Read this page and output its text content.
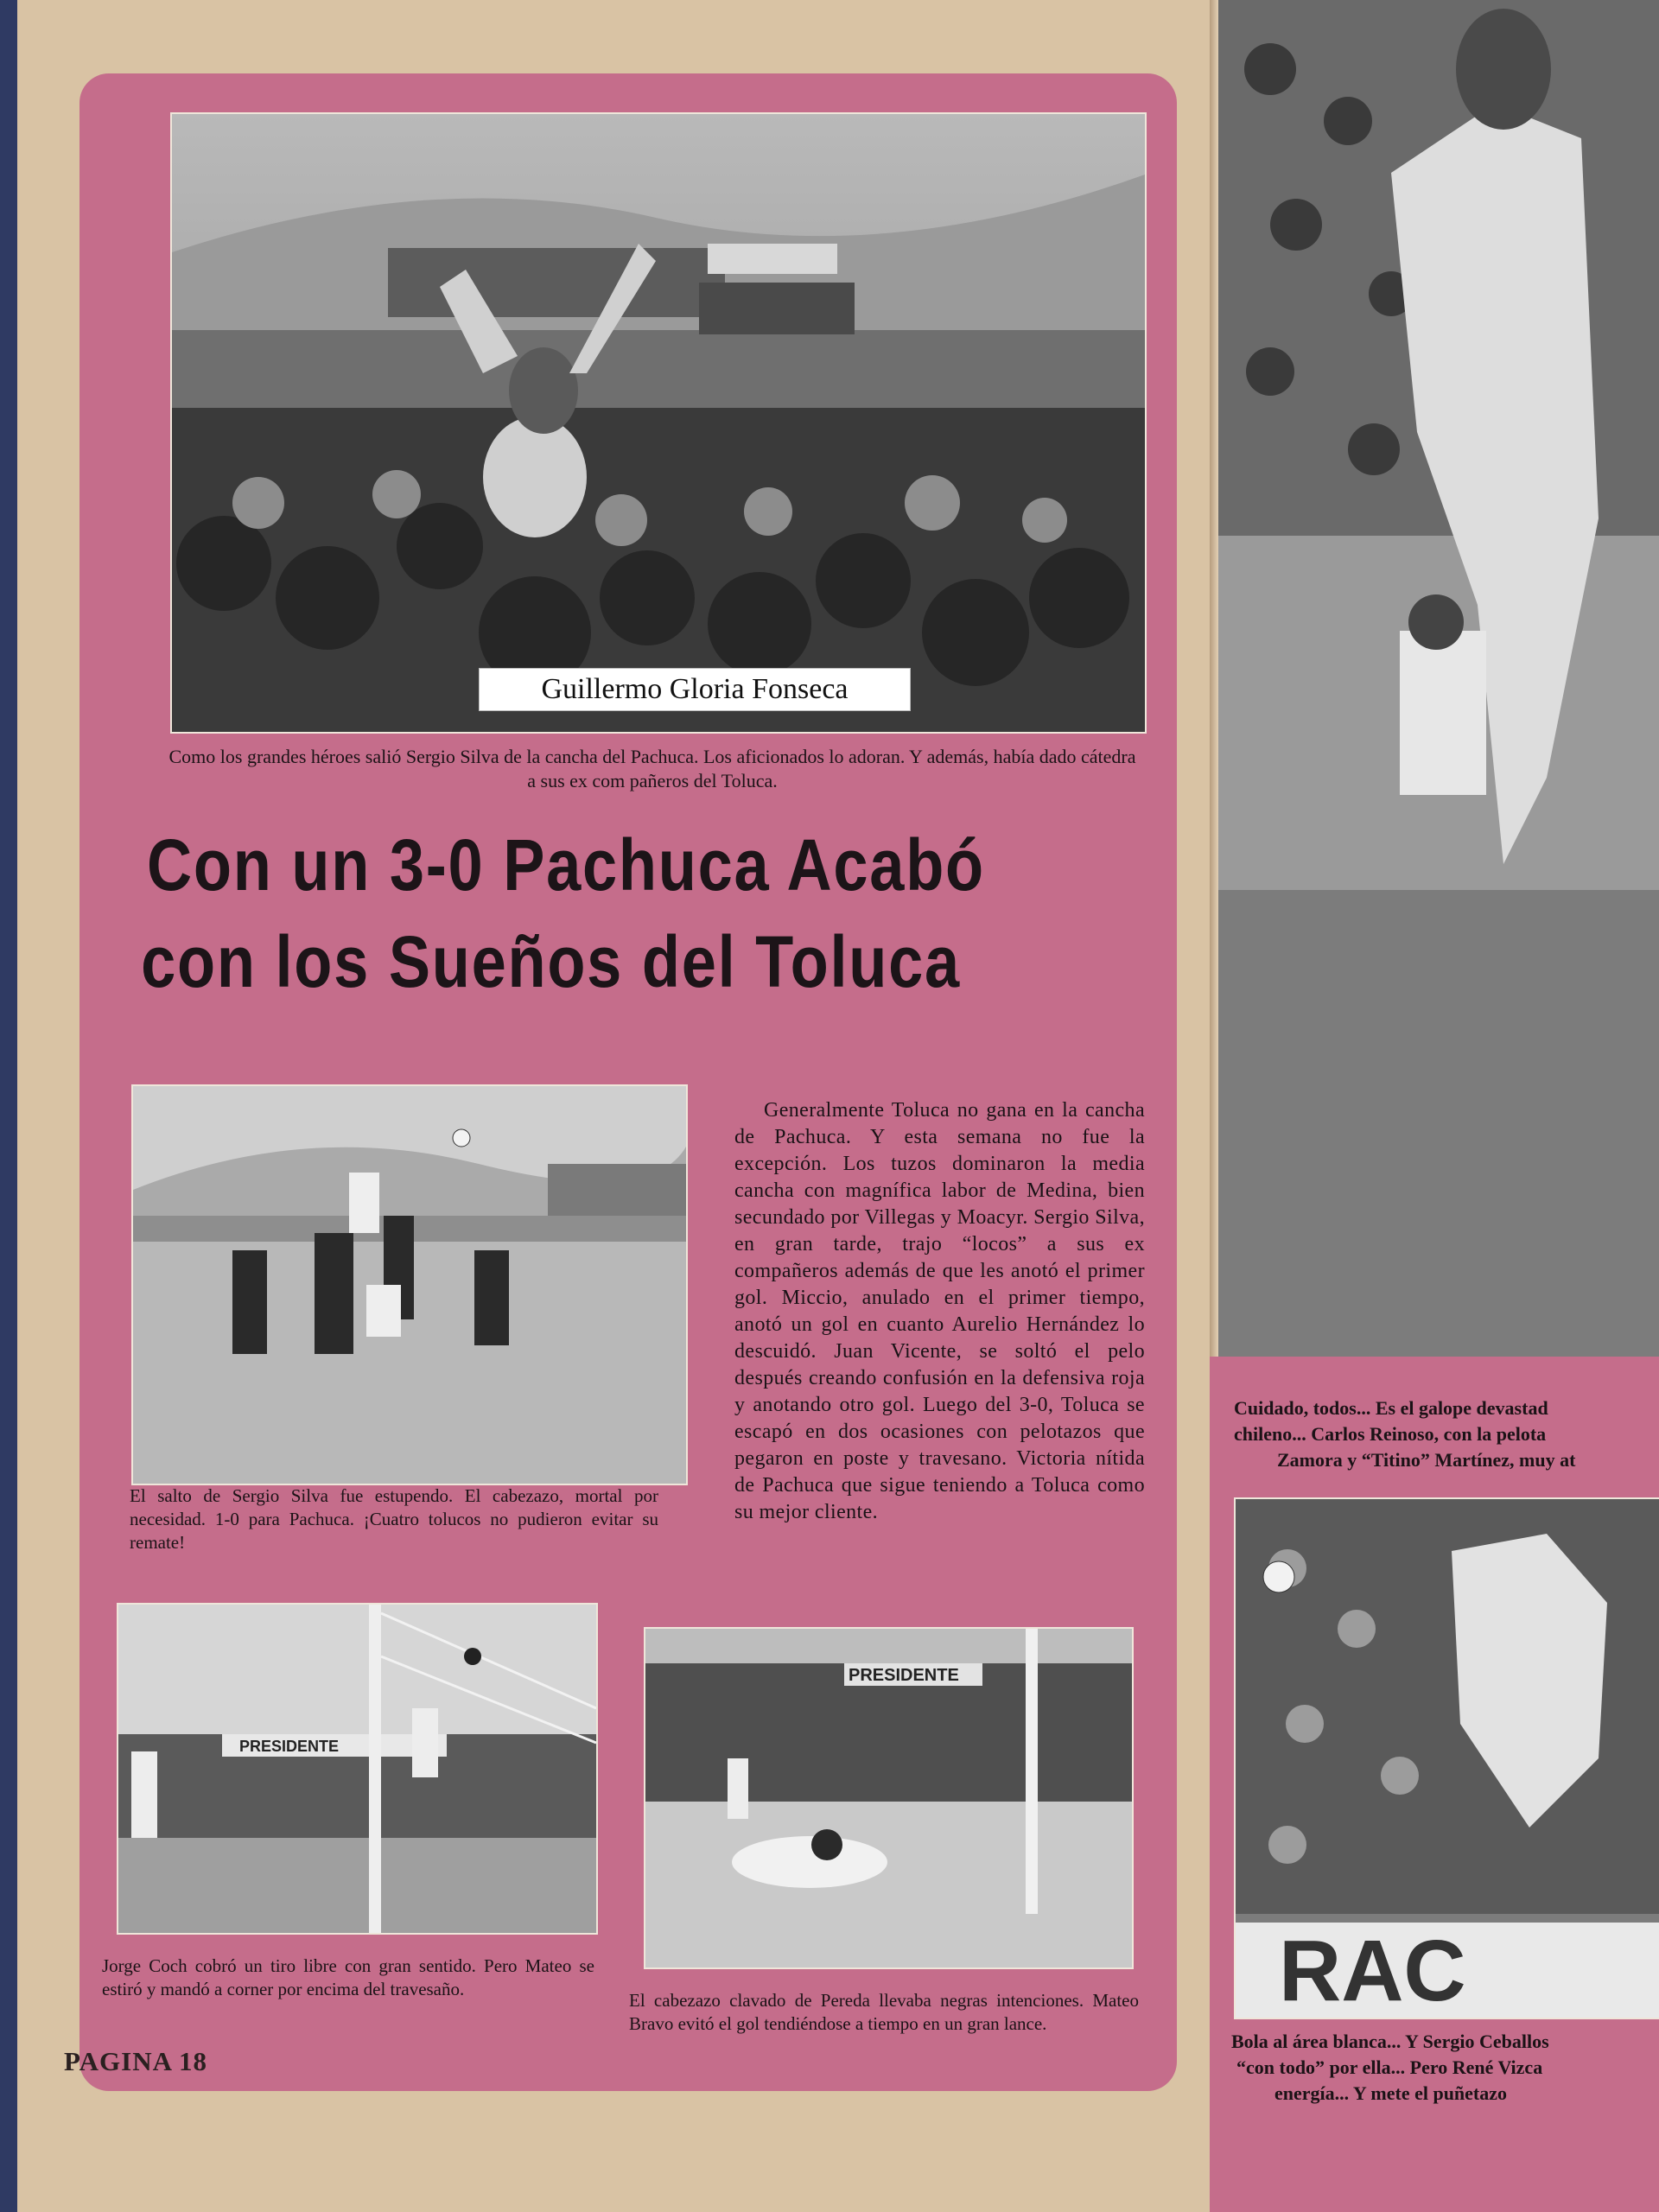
Guillermo Gloria Fonseca
Como los grandes héroes salió Sergio Silva de la cancha del Pachuca. Los aficionados lo adoran. Y además, había dado cátedra a sus ex com pañeros del Toluca.
Con un 3-0 Pachuca Acabó
con los Sueños del Toluca
El salto de Sergio Silva fue estupendo. El cabezazo, mortal por necesidad. 1-0 para Pachuca. ¡Cuatro tolucos no pudieron evitar su remate!
Generalmente Toluca no gana en la cancha de Pachuca. Y esta semana no fue la excepción. Los tuzos dominaron la media cancha con magnífica labor de Medina, bien secundado por Villegas y Moacyr. Sergio Silva, en gran tarde, trajo “locos” a sus ex compañeros además de que les anotó el primer gol. Miccio, anulado en el primer tiempo, anotó un gol en cuanto Aurelio Hernández lo descuidó. Juan Vicente, se soltó el pelo después creando confusión en la defensiva roja y anotando otro gol. Luego del 3-0, Toluca se escapó en dos ocasiones con pelotazos que pegaron en poste y travesano. Victoria nítida de Pachuca que sigue teniendo a Toluca como su mejor cliente.
PRESIDENTE
Jorge Coch cobró un tiro libre con gran sentido. Pero Mateo se estiró y mandó a corner por encima del travesaño.
PRESIDENTE
El cabezazo clavado de Pereda llevaba negras intenciones. Mateo Bravo evitó el gol tendiéndose a tiempo en un gran lance.
PAGINA 18
Cuidado, todos... Es el galope devastad
chileno... Carlos Reinoso, con la pelota
Zamora y “Titino” Martínez, muy at
RAC
Bola al área blanca... Y Sergio Ceballos
“con todo” por ella... Pero René Vizca
energía... Y mete el puñetazo
